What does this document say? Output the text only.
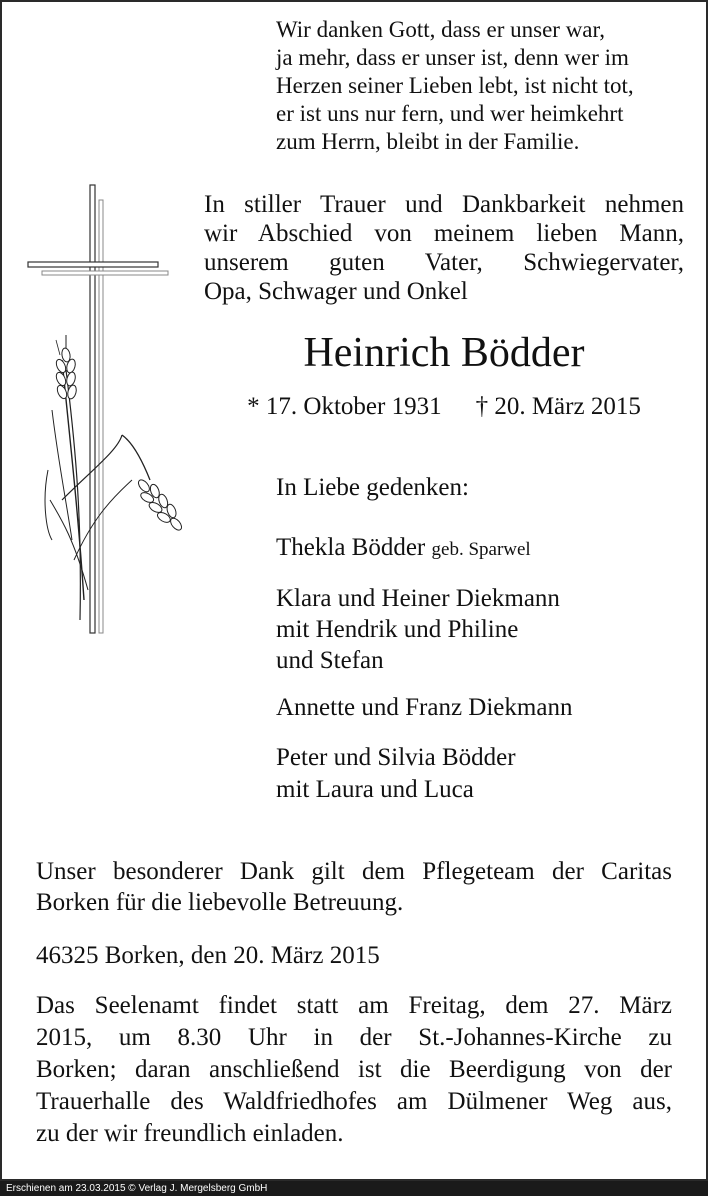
Wir danken Gott, dass er unser war,
ja mehr, dass er unser ist, denn wer im
Herzen seiner Lieben lebt, ist nicht tot,
er ist uns nur fern, und wer heimkehrt
zum Herrn, bleibt in der Familie.
In stiller Trauer und Dankbarkeit nehmen
wir Abschied von meinem lieben Mann,
unserem guten Vater, Schwiegervater,
Opa, Schwager und Onkel
Heinrich Bödder
* 17. Oktober 1931 † 20. März 2015
In Liebe gedenken:
Thekla Bödder geb. Sparwel
Klara und Heiner Diekmann
mit Hendrik und Philine
und Stefan
Annette und Franz Diekmann
Peter und Silvia Bödder
mit Laura und Luca
Unser besonderer Dank gilt dem Pflegeteam der Caritas
Borken für die liebevolle Betreuung.
46325 Borken, den 20. März 2015
Das Seelenamt findet statt am Freitag, dem 27. März
2015, um 8.30 Uhr in der St.-Johannes-Kirche zu
Borken; daran anschließend ist die Beerdigung von der
Trauerhalle des Waldfriedhofes am Dülmener Weg aus,
zu der wir freundlich einladen.
Erschienen am 23.03.2015 © Verlag J. Mergelsberg GmbH
